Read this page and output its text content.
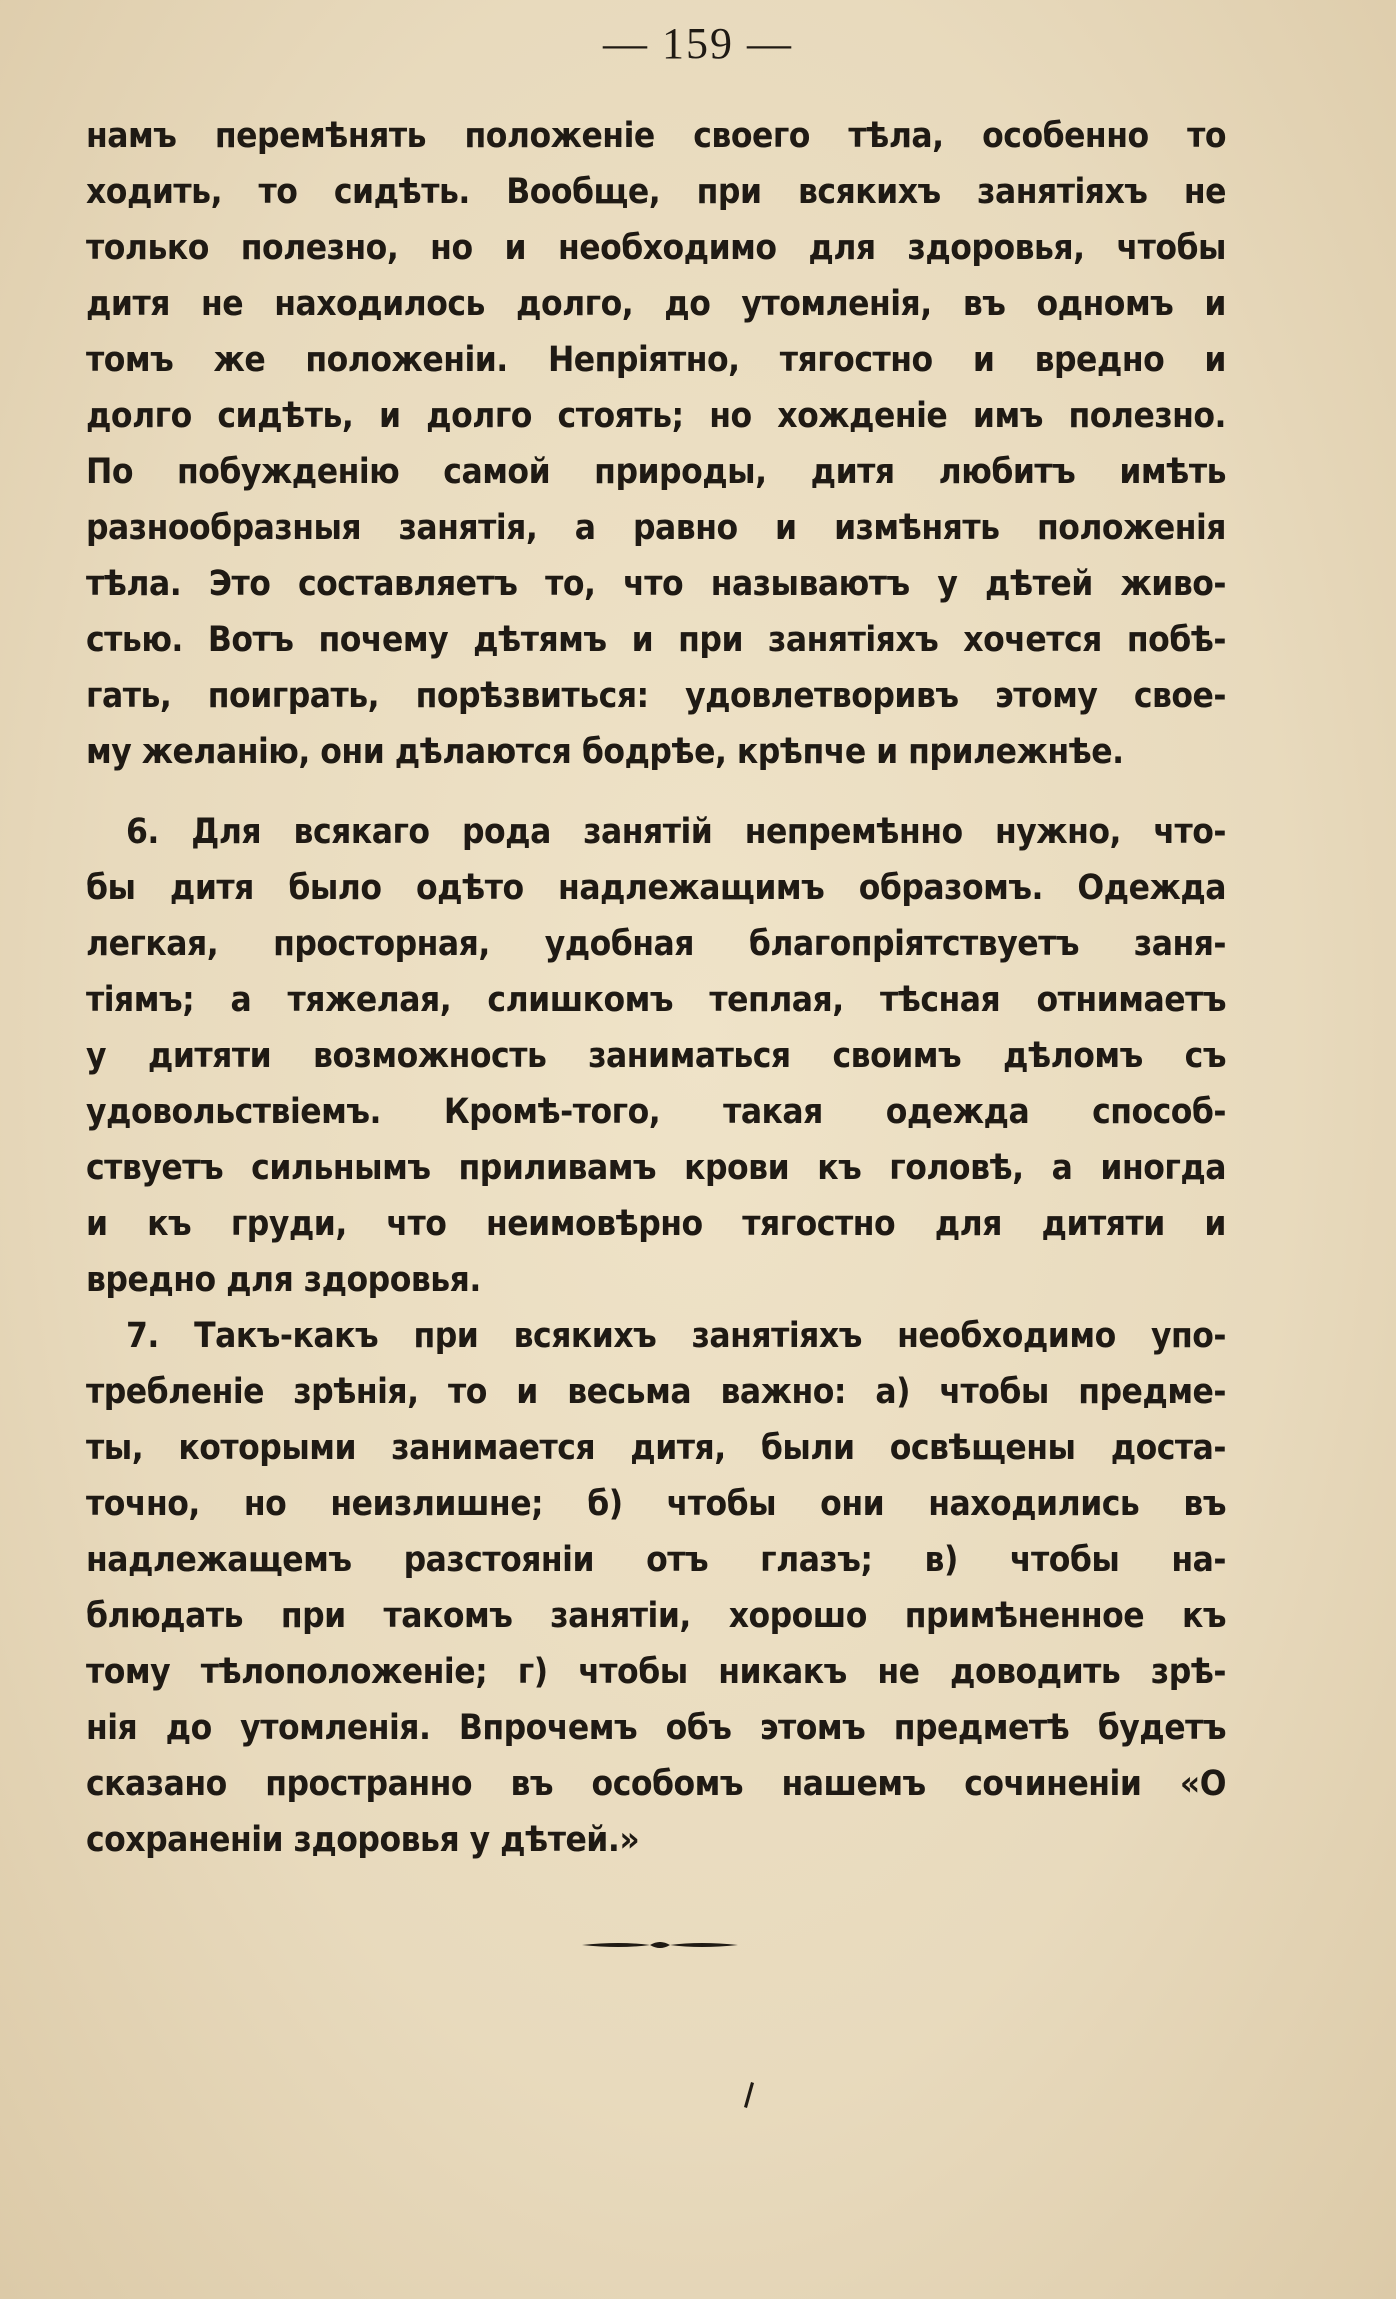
— 159 —
намъ перемѣнять положеніе своего тѣла, особенно то
ходить, то сидѣть. Вообще, при всякихъ занятіяхъ не
только полезно, но и необходимо для здоровья, чтобы
дитя не находилось долго, до утомленія, въ одномъ и
томъ же положеніи. Непріятно, тягостно и вредно и
долго сидѣть, и долго стоять; но хожденіе имъ полезно.
По побужденію самой природы, дитя любитъ имѣть
разнообразныя занятія, а равно и измѣнять положенія
тѣла. Это составляетъ то, что называютъ у дѣтей живо-
стью. Вотъ почему дѣтямъ и при занятіяхъ хочется побѣ-
гать, поиграть, порѣзвиться: удовлетворивъ этому свое-
му желанію, они дѣлаются бодрѣе, крѣпче и прилежнѣе.
6. Для всякаго рода занятій непремѣнно нужно, что-
бы дитя было одѣто надлежащимъ образомъ. Одежда
легкая, просторная, удобная благопріятствуетъ заня-
тіямъ; а тяжелая, слишкомъ теплая, тѣсная отнимаетъ
у дитяти возможность заниматься своимъ дѣломъ съ
удовольствіемъ. Кромѣ-того, такая одежда способ-
ствуетъ сильнымъ приливамъ крови къ головѣ, а иногда
и къ груди, что неимовѣрно тягостно для дитяти и
вредно для здоровья.
7. Такъ-какъ при всякихъ занятіяхъ необходимо упо-
требленіе зрѣнія, то и весьма важно: а) чтобы предме-
ты, которыми занимается дитя, были освѣщены доста-
точно, но неизлишне; б) чтобы они находились въ
надлежащемъ разстояніи отъ глазъ; в) чтобы на-
блюдать при такомъ занятіи, хорошо примѣненное къ
тому тѣлоположеніе; г) чтобы никакъ не доводить зрѣ-
нія до утомленія. Впрочемъ объ этомъ предметѣ будетъ
сказано пространно въ особомъ нашемъ сочиненіи «О
сохраненіи здоровья у дѣтей.»
